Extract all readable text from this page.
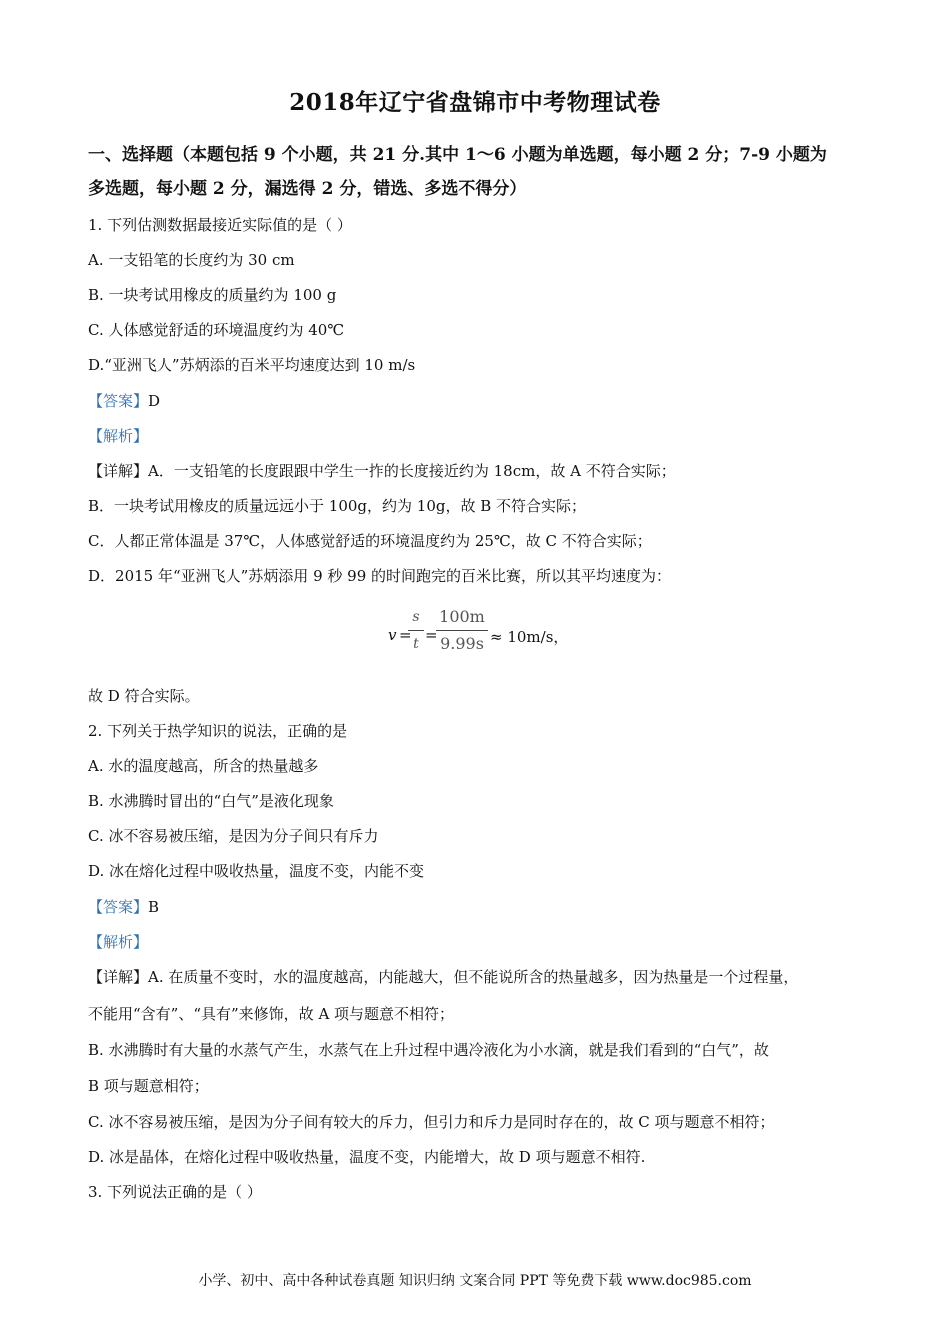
2018年辽宁省盘锦市中考物理试卷
一、选择题（本题包括 9 个小题，共 21 分.其中 1～6 小题为单选题，每小题 2 分；7-9 小题为
多选题，每小题 2 分，漏选得 2 分，错选、多选不得分）
1. 下列估测数据最接近实际值的是（ ）
A. 一支铅笔的长度约为 30 cm
B. 一块考试用橡皮的质量约为 100 g
C. 人体感觉舒适的环境温度约为 40℃
D.“亚洲飞人”苏炳添的百米平均速度达到 10 m/s
【答案】D
【解析】
【详解】A．一支铅笔的长度跟跟中学生一拃的长度接近约为 18cm，故 A 不符合实际；
B．一块考试用橡皮的质量远远小于 100g，约为 10g，故 B 不符合实际；
C．人都正常体温是 37℃，人体感觉舒适的环境温度约为 25℃，故 C 不符合实际；
D．2015 年“亚洲飞人”苏炳添用 9 秒 99 的时间跑完的百米比赛，所以其平均速度为：
v =
s
t =
100m
9.99s ≈ 10m/s，
故 D 符合实际。
2. 下列关于热学知识的说法，正确的是
A. 水的温度越高，所含的热量越多
B. 水沸腾时冒出的“白气”是液化现象
C. 冰不容易被压缩，是因为分子间只有斥力
D. 冰在熔化过程中吸收热量，温度不变，内能不变
【答案】B
【解析】
【详解】A. 在质量不变时，水的温度越高，内能越大，但不能说所含的热量越多，因为热量是一个过程量，
不能用“含有”、“具有”来修饰，故 A 项与题意不相符；
B. 水沸腾时有大量的水蒸气产生，水蒸气在上升过程中遇冷液化为小水滴，就是我们看到的“白气”，故
B 项与题意相符；
C. 冰不容易被压缩，是因为分子间有较大的斥力，但引力和斥力是同时存在的，故 C 项与题意不相符；
D. 冰是晶体，在熔化过程中吸收热量，温度不变，内能增大，故 D 项与题意不相符.
3. 下列说法正确的是（ ）
小学、初中、高中各种试卷真题 知识归纳 文案合同 PPT 等免费下载 www.doc985.com
